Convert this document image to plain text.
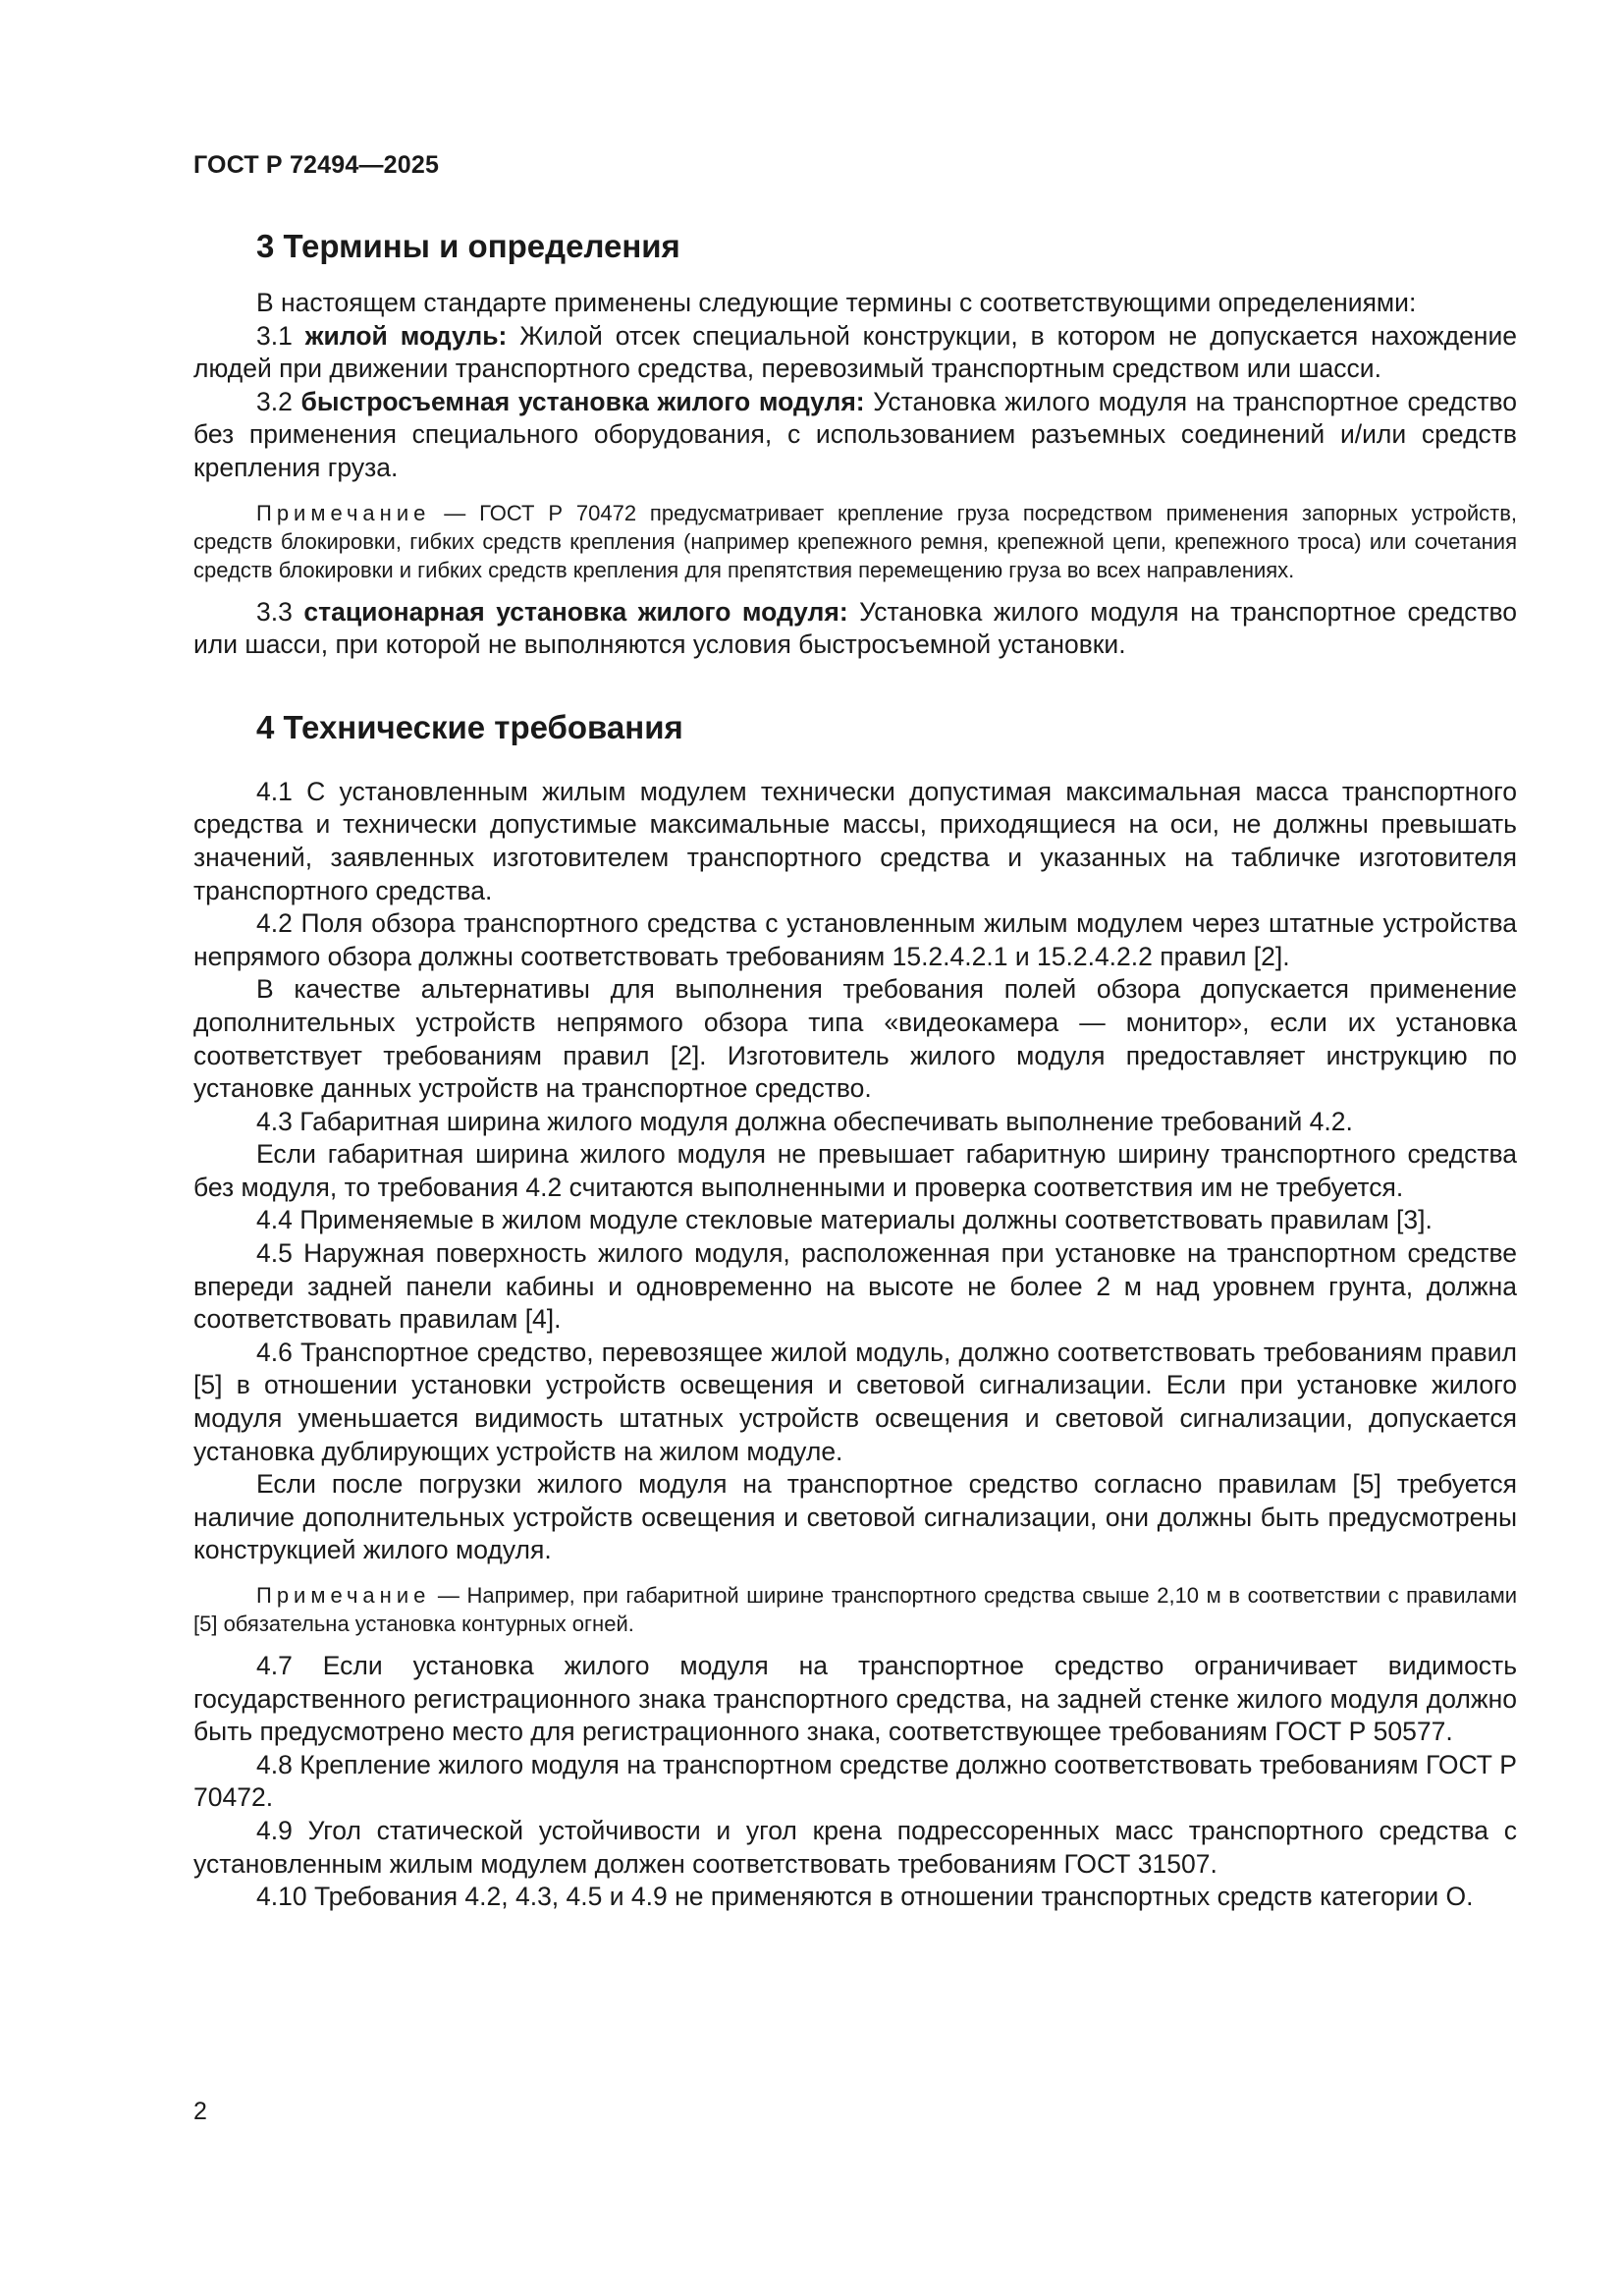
ГОСТ Р 72494—2025
3 Термины и определения

В настоящем стандарте применены следующие термины с соответствующими определениями:

3.1 жилой модуль: Жилой отсек специальной конструкции, в котором не допускается нахождение людей при движении транспортного средства, перевозимый транспортным средством или шасси.

3.2 быстросъемная установка жилого модуля: Установка жилого модуля на транспортное средство без применения специального оборудования, с использованием разъемных соединений и/или средств крепления груза.

Примечание — ГОСТ Р 70472 предусматривает крепление груза посредством применения запорных устройств, средств блокировки, гибких средств крепления (например крепежного ремня, крепежной цепи, крепежного троса) или сочетания средств блокировки и гибких средств крепления для препятствия перемещению груза во всех направлениях.

3.3 стационарная установка жилого модуля: Установка жилого модуля на транспортное средство или шасси, при которой не выполняются условия быстросъемной установки.

4 Технические требования

4.1 С установленным жилым модулем технически допустимая максимальная масса транспортного средства и технически допустимые максимальные массы, приходящиеся на оси, не должны превышать значений, заявленных изготовителем транспортного средства и указанных на табличке изготовителя транспортного средства.

4.2 Поля обзора транспортного средства с установленным жилым модулем через штатные устройства непрямого обзора должны соответствовать требованиям 15.2.4.2.1 и 15.2.4.2.2 правил [2].

В качестве альтернативы для выполнения требования полей обзора допускается применение дополнительных устройств непрямого обзора типа «видеокамера — монитор», если их установка соответствует требованиям правил [2]. Изготовитель жилого модуля предоставляет инструкцию по установке данных устройств на транспортное средство.

4.3 Габаритная ширина жилого модуля должна обеспечивать выполнение требований 4.2.

Если габаритная ширина жилого модуля не превышает габаритную ширину транспортного средства без модуля, то требования 4.2 считаются выполненными и проверка соответствия им не требуется.

4.4 Применяемые в жилом модуле стекловые материалы должны соответствовать правилам [3].

4.5 Наружная поверхность жилого модуля, расположенная при установке на транспортном средстве впереди задней панели кабины и одновременно на высоте не более 2 м над уровнем грунта, должна соответствовать правилам [4].

4.6 Транспортное средство, перевозящее жилой модуль, должно соответствовать требованиям правил [5] в отношении установки устройств освещения и световой сигнализации. Если при установке жилого модуля уменьшается видимость штатных устройств освещения и световой сигнализации, допускается установка дублирующих устройств на жилом модуле.

Если после погрузки жилого модуля на транспортное средство согласно правилам [5] требуется наличие дополнительных устройств освещения и световой сигнализации, они должны быть предусмотрены конструкцией жилого модуля.

Примечание — Например, при габаритной ширине транспортного средства свыше 2,10 м в соответствии с правилами [5] обязательна установка контурных огней.

4.7 Если установка жилого модуля на транспортное средство ограничивает видимость государственного регистрационного знака транспортного средства, на задней стенке жилого модуля должно быть предусмотрено место для регистрационного знака, соответствующее требованиям ГОСТ Р 50577.

4.8 Крепление жилого модуля на транспортном средстве должно соответствовать требованиям ГОСТ Р 70472.

4.9 Угол статической устойчивости и угол крена подрессоренных масс транспортного средства с установленным жилым модулем должен соответствовать требованиям ГОСТ 31507.

4.10 Требования 4.2, 4.3, 4.5 и 4.9 не применяются в отношении транспортных средств категории О.

2
